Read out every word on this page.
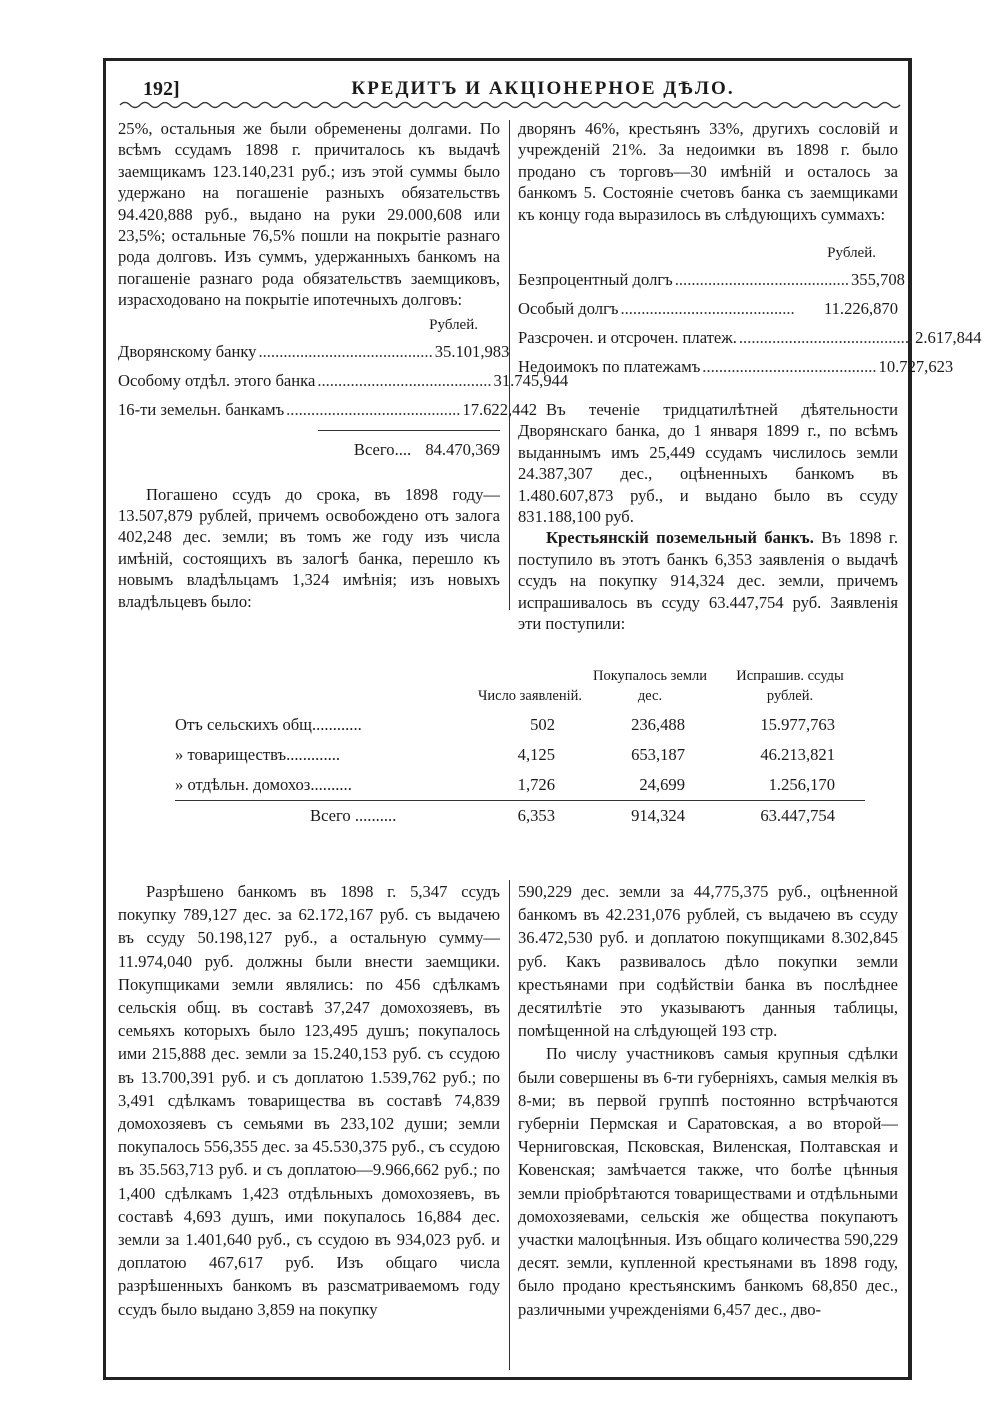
192]	КРЕДИТЪ И АКЦІОНЕРНОЕ ДѢЛО.

25%, остальныя же были обременены долгами. По всѣмъ ссудамъ 1898 г. причиталось къ выдачѣ заемщикамъ 123.140,231 руб.; изъ этой суммы было удержано на погашеніе разныхъ обязательствъ 94.420,888 руб., выдано на руки 29.000,608 или 23,5%; остальные 76,5% пошли на покрытіе разнаго рода долговъ. Изъ суммъ, удержанныхъ банкомъ на погашеніе разнаго рода обязательствъ заемщиковъ, израсходовано на покрытіе ипотечныхъ долговъ:

Рублей.
Дворянскому банку .......................................... 35.101,983
Особому отдѣл. этого банка .......................................... 31.745,944
16-ти земельн. банкамъ .......................................... 17.622,442
Всего.... 84.470,369

Погашено ссудъ до срока, въ 1898 году—13.507,879 рублей, причемъ освобождено отъ залога 402,248 дес. земли; въ томъ же году изъ числа имѣній, состоящихъ въ залогѣ банка, перешло къ новымъ владѣльцамъ 1,324 имѣнія; изъ новыхъ владѣльцевъ было:

дворянъ 46%, крестьянъ 33%, другихъ сословій и учрежденій 21%. За недоимки въ 1898 г. было продано съ торговъ—30 имѣній и осталось за банкомъ 5. Состояніе счетовъ банка съ заемщиками къ концу года выразилось въ слѣдующихъ суммахъ:

Рублей.
Безпроцентный долгъ .......................................... 355,708
Особый долгъ ..........................................	11.226,870
Разсрочен. и отсрочен. платеж. .......................................... 2.617,844
Недоимокъ по платежамъ .......................................... 10.727,623

Въ теченіе тридцатилѣтней дѣятельности Дворянскаго банка, до 1 января 1899 г., по всѣмъ выданнымъ имъ 25,449 ссудамъ числилось земли 24.387,307 дес., оцѣненныхъ банкомъ въ 1.480.607,873 руб., и выдано было въ ссуду 831.188,100 руб.

Крестьянскій поземельный банкъ. Въ 1898 г. поступило въ этотъ банкъ 6,353 заявленія о выдачѣ ссудъ на покупку 914,324 дес. земли, причемъ испрашивалось въ ссуду 63.447,754 руб. Заявленія эти поступили:

	Число заявленій.	Покупалось земли дес.	Испрашив. ссуды рублей.
Отъ сельскихъ общ............	502	236,488	15.977,763
» товариществъ.............	4,125	653,187	46.213,821
» отдѣльн. домохоз..........	1,726	24,699	1.256,170
Всего ..........	6,353	914,324	63.447,754

Разрѣшено банкомъ въ 1898 г. 5,347 ссудъ покупку 789,127 дес. за 62.172,167 руб. съ выдачею въ ссуду 50.198,127 руб., а остальную сумму—11.974,040 руб. должны были внести заемщики. Покупщиками земли являлись: по 456 сдѣлкамъ сельскія общ. въ составѣ 37,247 домохозяевъ, въ семьяхъ которыхъ было 123,495 душъ; покупалось ими 215,888 дес. земли за 15.240,153 руб. съ ссудою въ 13.700,391 руб. и съ доплатою 1.539,762 руб.; по 3,491 сдѣлкамъ товарищества въ составѣ 74,839 домохозяевъ съ семьями въ 233,102 души; земли покупалось 556,355 дес. за 45.530,375 руб., съ ссудою въ 35.563,713 руб. и съ доплатою—9.966,662 руб.; по 1,400 сдѣлкамъ 1,423 отдѣльныхъ домохозяевъ, въ составѣ 4,693 душъ, ими покупалось 16,884 дес. земли за 1.401,640 руб., съ ссудою въ 934,023 руб. и доплатою 467,617 руб. Изъ общаго числа разрѣшенныхъ банкомъ въ разсматриваемомъ году ссудъ было выдано 3,859 на покупку

590,229 дес. земли за 44,775,375 руб., оцѣненной банкомъ въ 42.231,076 рублей, съ выдачею въ ссуду 36.472,530 руб. и доплатою покупщиками 8.302,845 руб. Какъ развивалось дѣло покупки земли крестьянами при содѣйствіи банка въ послѣднее десятилѣтіе это указываютъ данныя таблицы, помѣщенной на слѣдующей 193 стр.

По числу участниковъ самыя крупныя сдѣлки были совершены въ 6-ти губерніяхъ, самыя мелкія въ 8-ми; въ первой группѣ постоянно встрѣчаются губерніи Пермская и Саратовская, а во второй—Черниговская, Псковская, Виленская, Полтавская и Ковенская; замѣчается также, что болѣе цѣнныя земли пріобрѣтаются товариществами и отдѣльными домохозяевами, сельскія же общества покупаютъ участки малоцѣнныя. Изъ общаго количества 590,229 десят. земли, купленной крестьянами въ 1898 году, было продано крестьянскимъ банкомъ 68,850 дес., различными учрежденіями 6,457 дес., дво-
